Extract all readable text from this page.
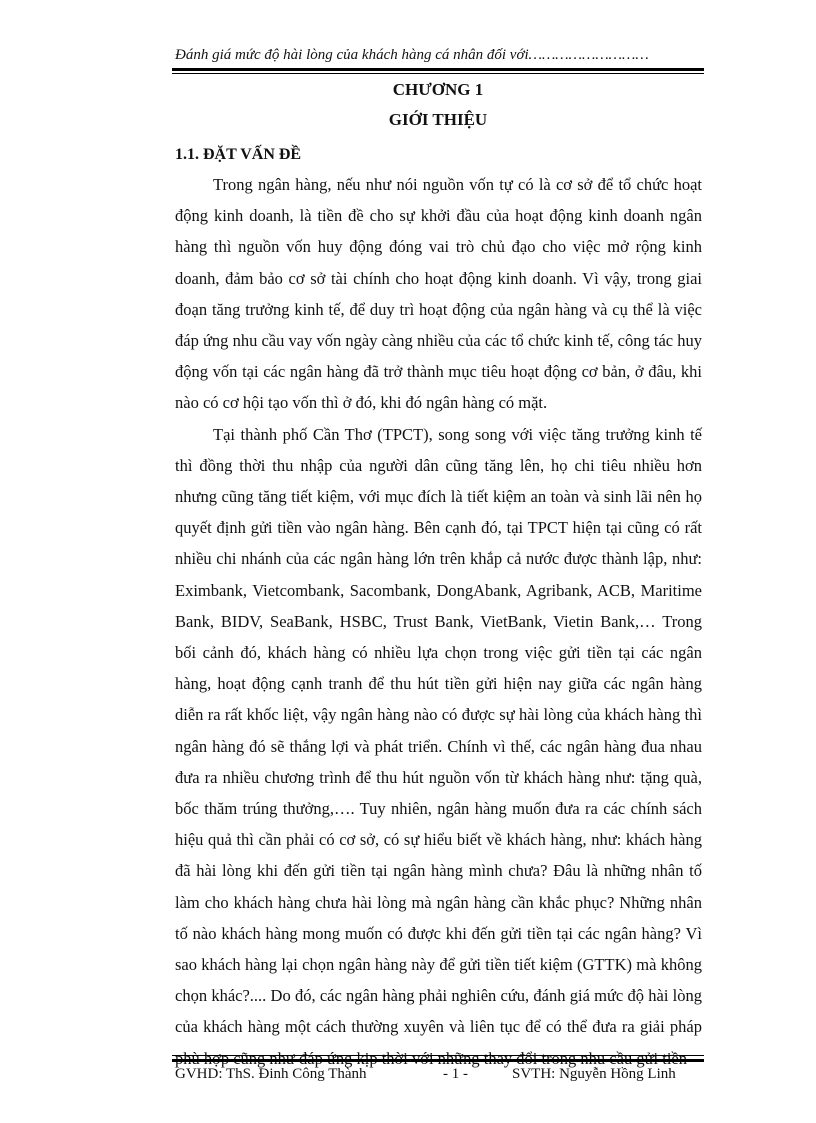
Đánh giá mức độ hài lòng của khách hàng cá nhân đối với………………………
CHƯƠNG 1
GIỚI THIỆU
1.1. ĐẶT VẤN ĐỀ

Trong ngân hàng, nếu như nói nguồn vốn tự có là cơ sở để tổ chức hoạt động kinh doanh, là tiền đề cho sự khởi đầu của hoạt động kinh doanh ngân hàng thì nguồn vốn huy động đóng vai trò chủ đạo cho việc mở rộng kinh doanh, đảm bảo cơ sở tài chính cho hoạt động kinh doanh. Vì vậy, trong giai đoạn tăng trưởng kinh tế, để duy trì hoạt động của ngân hàng và cụ thể là việc đáp ứng nhu cầu vay vốn ngày càng nhiều của các tổ chức kinh tế, công tác huy động vốn tại các ngân hàng đã trở thành mục tiêu hoạt động cơ bản, ở đâu, khi nào có cơ hội tạo vốn thì ở đó, khi đó ngân hàng có mặt.

Tại thành phố Cần Thơ (TPCT), song song với việc tăng trưởng kinh tế thì đồng thời thu nhập của người dân cũng tăng lên, họ chi tiêu nhiều hơn nhưng cũng tăng tiết kiệm, với mục đích là tiết kiệm an toàn và sinh lãi nên họ quyết định gửi tiền vào ngân hàng. Bên cạnh đó, tại TPCT hiện tại cũng có rất nhiều chi nhánh của các ngân hàng lớn trên khắp cả nước được thành lập, như: Eximbank, Vietcombank, Sacombank, DongAbank, Agribank, ACB, Maritime Bank, BIDV, SeaBank, HSBC, Trust Bank, VietBank, Vietin Bank,… Trong bối cảnh đó, khách hàng có nhiều lựa chọn trong việc gửi tiền tại các ngân hàng, hoạt động cạnh tranh để thu hút tiền gửi hiện nay giữa các ngân hàng diễn ra rất khốc liệt, vậy ngân hàng nào có được sự hài lòng của khách hàng thì ngân hàng đó sẽ thắng lợi và phát triển. Chính vì thế, các ngân hàng đua nhau đưa ra nhiều chương trình để thu hút nguồn vốn từ khách hàng như: tặng quà, bốc thăm trúng thưởng,…. Tuy nhiên, ngân hàng muốn đưa ra các chính sách hiệu quả thì cần phải có cơ sở, có sự hiểu biết về khách hàng, như: khách hàng đã hài lòng khi đến gửi tiền tại ngân hàng mình chưa? Đâu là những nhân tố làm cho khách hàng chưa hài lòng mà ngân hàng cần khắc phục? Những nhân tố nào khách hàng mong muốn có được khi đến gửi tiền tại các ngân hàng? Vì sao khách hàng lại chọn ngân hàng này để gửi tiền tiết kiệm (GTTK) mà không chọn khác?.... Do đó, các ngân hàng phải nghiên cứu, đánh giá mức độ hài lòng của khách hàng một cách thường xuyên và liên tục để có thể đưa ra giải pháp phù hợp cũng như đáp ứng kịp thời với những thay đổi trong nhu cầu gửi tiền

GVHD: ThS. Đinh Công Thành	- 1 -	SVTH: Nguyễn Hồng Linh
